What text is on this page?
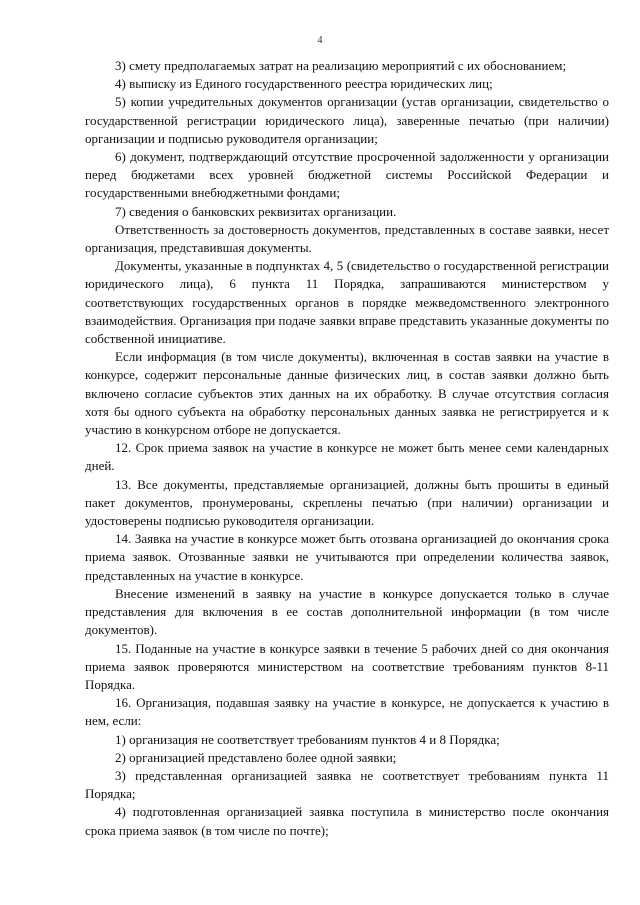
4

3) смету предполагаемых затрат на реализацию мероприятий с их обоснованием;

4) выписку из Единого государственного реестра юридических лиц;

5) копии учредительных документов организации (устав организации, свидетельство о государственной регистрации юридического лица), заверенные печатью (при наличии) организации и подписью руководителя организации;

6) документ, подтверждающий отсутствие просроченной задолженности у организации перед бюджетами всех уровней бюджетной системы Российской Федерации и государственными внебюджетными фондами;

7) сведения о банковских реквизитах организации.

Ответственность за достоверность документов, представленных в составе заявки, несет организация, представившая документы.

Документы, указанные в подпунктах 4, 5 (свидетельство о государственной регистрации юридического лица), 6 пункта 11 Порядка, запрашиваются министерством у соответствующих государственных органов в порядке межведомственного электронного взаимодействия. Организация при подаче заявки вправе представить указанные документы по собственной инициативе.

Если информация (в том числе документы), включенная в состав заявки на участие в конкурсе, содержит персональные данные физических лиц, в состав заявки должно быть включено согласие субъектов этих данных на их обработку. В случае отсутствия согласия хотя бы одного субъекта на обработку персональных данных заявка не регистрируется и к участию в конкурсном отборе не допускается.

12. Срок приема заявок на участие в конкурсе не может быть менее семи календарных дней.

13. Все документы, представляемые организацией, должны быть прошиты в единый пакет документов, пронумерованы, скреплены печатью (при наличии) организации и удостоверены подписью руководителя организации.

14. Заявка на участие в конкурсе может быть отозвана организацией до окончания срока приема заявок. Отозванные заявки не учитываются при определении количества заявок, представленных на участие в конкурсе.

Внесение изменений в заявку на участие в конкурсе допускается только в случае представления для включения в ее состав дополнительной информации (в том числе документов).

15. Поданные на участие в конкурсе заявки в течение 5 рабочих дней со дня окончания приема заявок проверяются министерством на соответствие требованиям пунктов 8-11 Порядка.

16. Организация, подавшая заявку на участие в конкурсе, не допускается к участию в нем, если:

1) организация не соответствует требованиям пунктов 4 и 8 Порядка;

2) организацией представлено более одной заявки;

3) представленная организацией заявка не соответствует требованиям пункта 11 Порядка;

4) подготовленная организацией заявка поступила в министерство после окончания срока приема заявок (в том числе по почте);
